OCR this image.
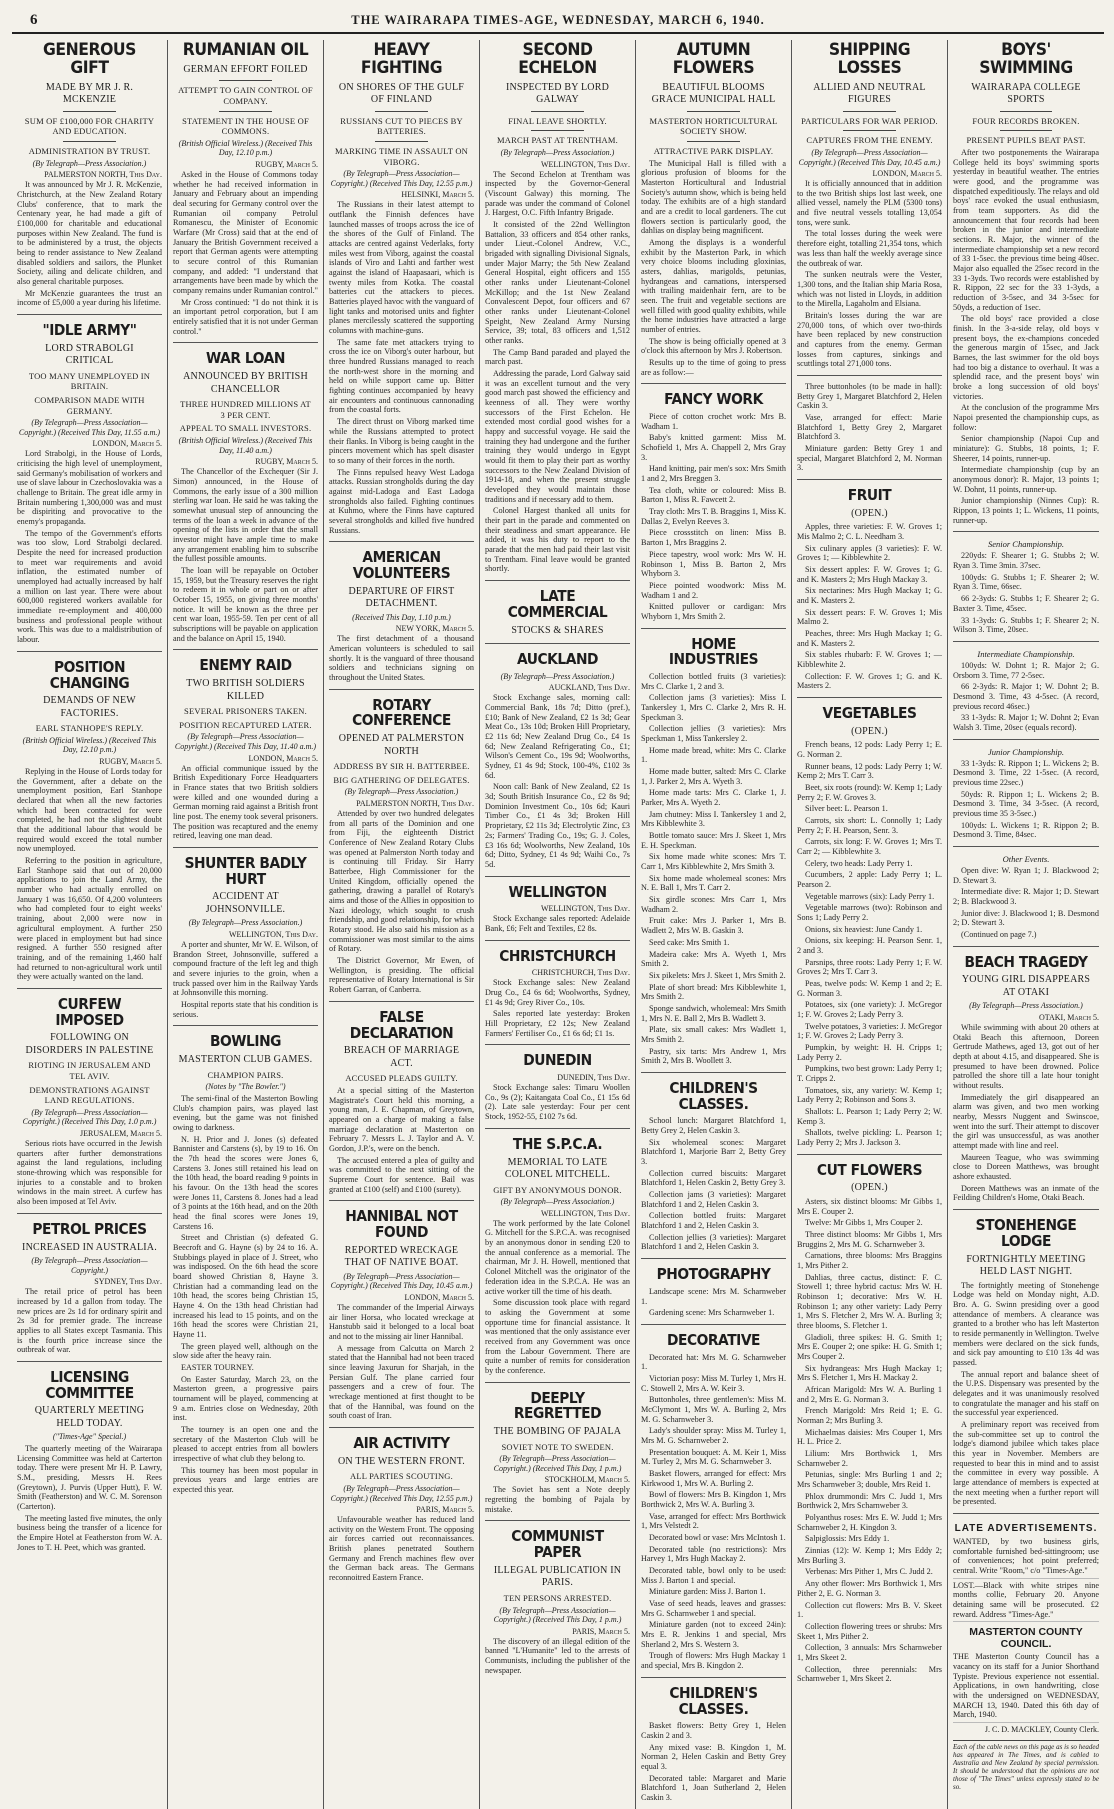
6	THE WAIRARAPA TIMES-AGE, WEDNESDAY, MARCH 6, 1940.
GENEROUS GIFT
MADE BY MR J. R. MCKENZIE
SUM OF £100,000 FOR CHARITY AND EDUCATION.
ADMINISTRATION BY TRUST.
(By Telegraph—Press Association.)
PALMERSTON NORTH, This Day.

It was announced by Mr J. R. McKenzie, Christchurch, at the New Zealand Rotary Clubs' conference, that to mark the Centenary year, he had made a gift of £100,000 for charitable and educational purposes within New Zealand. The fund is to be administered by a trust, the objects being to render assistance to New Zealand disabled soldiers and sailors, the Plunket Society, ailing and delicate children, and also general charitable purposes.

Mr McKenzie guarantees the trust an income of £5,000 a year during his lifetime.

"IDLE ARMY"
LORD STRABOLGI CRITICAL
TOO MANY UNEMPLOYED IN BRITAIN.
COMPARISON MADE WITH GERMANY.
(By Telegraph—Press Association—Copyright.) (Received This Day, 11.55 a.m.)
LONDON, March 5.

Lord Strabolgi, in the House of Lords, criticising the high level of unemployment, said Germany's mobilisation of workers and use of slave labour in Czechoslovakia was a challenge to Britain. The great idle army in Britain numbering 1,300,000 was and must be dispiriting and provocative to the enemy's propaganda.

The tempo of the Government's efforts was too slow, Lord Strabolgi declared. Despite the need for increased production to meet war requirements and avoid inflation, the estimated number of unemployed had actually increased by half a million on last year. There were about 600,000 registered workers available for immediate re-employment and 400,000 business and professional people without work. This was due to a maldistribution of labour.

POSITION CHANGING
DEMANDS OF NEW FACTORIES.
EARL STANHOPE'S REPLY.
(British Official Wireless.) (Received This Day, 12.10 p.m.)
RUGBY, March 5.

Replying in the House of Lords today for the Government, after a debate on the unemployment position, Earl Stanhope declared that when all the new factories which had been contracted for were completed, he had not the slightest doubt that the additional labour that would be required would exceed the total number now unemployed.

Referring to the position in agriculture, Earl Stanhope said that out of 20,000 applications to join the Land Army, the number who had actually enrolled on January 1 was 16,650. Of 4,200 volunteers who had completed four to eight weeks' training, about 2,000 were now in agricultural employment. A further 250 were placed in employment but had since resigned. A further 550 resigned after training, and of the remaining 1,460 half had returned to non-agricultural work until they were actually wanted on the land.

CURFEW IMPOSED
FOLLOWING ON DISORDERS IN PALESTINE
RIOTING IN JERUSALEM AND TEL AVIV.
DEMONSTRATIONS AGAINST LAND REGULATIONS.
(By Telegraph—Press Association—Copyright.) (Received This Day, 1.0 p.m.)
JERUSALEM, March 5.

Serious riots have occurred in the Jewish quarters after further demonstrations against the land regulations, including stone-throwing which was responsible for injuries to a constable and to broken windows in the main street. A curfew has also been imposed at Tel Aviv.

PETROL PRICES
INCREASED IN AUSTRALIA.
(By Telegraph—Press Association—Copyright.)
SYDNEY, This Day.

The retail price of petrol has been increased by 1d a gallon from today. The new prices are 2s 1d for ordinary spirit and 2s 3d for premier grade. The increase applies to all States except Tasmania. This is the fourth price increase since the outbreak of war.

LICENSING COMMITTEE
QUARTERLY MEETING HELD TODAY.
("Times-Age" Special.)

The quarterly meeting of the Wairarapa Licensing Committee was held at Carterton today. There were present Mr H. P. Lawry, S.M., presiding, Messrs H. Rees (Greytown), J. Purvis (Upper Hutt), F. W. Smith (Featherston) and W. C. M. Sorenson (Carterton).

The meeting lasted five minutes, the only business being the transfer of a licence for the Empire Hotel at Featherston from W. A. Jones to T. H. Peet, which was granted.

RUMANIAN OIL
GERMAN EFFORT FOILED
ATTEMPT TO GAIN CONTROL OF COMPANY.
STATEMENT IN THE HOUSE OF COMMONS.
(British Official Wireless.) (Received This Day, 12.10 p.m.)
RUGBY, March 5.

Asked in the House of Commons today whether he had received information in January and February about an impending deal securing for Germany control over the Rumanian oil company Petrolul Romanescu, the Minister of Economic Warfare (Mr Cross) said that at the end of January the British Government received a report that German agents were attempting to secure control of this Rumanian company, and added: "I understand that arrangements have been made by which the company remains under Rumanian control."

Mr Cross continued: "I do not think it is an important petrol corporation, but I am entirely satisfied that it is not under German control."

WAR LOAN
ANNOUNCED BY BRITISH CHANCELLOR
THREE HUNDRED MILLIONS AT 3 PER CENT.
APPEAL TO SMALL INVESTORS.
(British Official Wireless.) (Received This Day, 11.40 a.m.)
RUGBY, March 5.

The Chancellor of the Exchequer (Sir J. Simon) announced, in the House of Commons, the early issue of a 300 million sterling war loan. He said he was taking the somewhat unusual step of announcing the terms of the loan a week in advance of the opening of the lists in order that the small investor might have ample time to make any arrangement enabling him to subscribe the fullest possible amounts.

The loan will be repayable on October 15, 1959, but the Treasury reserves the right to redeem it in whole or part on or after October 15, 1955, on giving three months' notice. It will be known as the three per cent war loan, 1955-59. Ten per cent of all subscriptions will be payable on application and the balance on April 15, 1940.

ENEMY RAID
TWO BRITISH SOLDIERS KILLED
SEVERAL PRISONERS TAKEN.
POSITION RECAPTURED LATER.
(By Telegraph—Press Association—Copyright.) (Received This Day, 11.40 a.m.)
LONDON, March 5.

An official communique issued by the British Expeditionary Force Headquarters in France states that two British soldiers were killed and one wounded during a German morning raid against a British front line post. The enemy took several prisoners. The position was recaptured and the enemy retired, leaving one man dead.

SHUNTER BADLY HURT
ACCIDENT AT JOHNSONVILLE.
(By Telegraph—Press Association.)
WELLINGTON, This Day.

A porter and shunter, Mr W. E. Wilson, of Brandon Street, Johnsonville, suffered a compound fracture of the left leg and thigh and severe injuries to the groin, when a truck passed over him in the Railway Yards at Johnsonville this morning.

Hospital reports state that his condition is serious.

BOWLING
MASTERTON CLUB GAMES.
CHAMPION PAIRS.
(Notes by "The Bowler.")

The semi-final of the Masterton Bowling Club's champion pairs, was played last evening, but the game was not finished owing to darkness.

N. H. Prior and J. Jones (s) defeated Bannister and Carstens (s), by 19 to 16. On the 7th head the scores were Jones 6, Carstens 3. Jones still retained his lead on the 10th head, the board reading 9 points in his favour. On the 13th head the scores were Jones 11, Carstens 8. Jones had a lead of 3 points at the 16th head, and on the 20th head the final scores were Jones 19, Carstens 16.

Street and Christian (s) defeated G. Beecroft and G. Hayne (s) by 24 to 16. A. Stubbings played in place of J. Street, who was indisposed. On the 6th head the score board showed Christian 8, Hayne 3. Christian had a commanding lead on the 10th head, the scores being Christian 15, Hayne 4. On the 13th head Christian had increased his lead to 15 points, and on the 16th head the scores were Christian 21, Hayne 11.

The green played well, although on the slow side after the heavy rain.

EASTER TOURNEY.

On Easter Saturday, March 23, on the Masterton green, a progressive pairs tournament will be played, commencing at 9 a.m. Entries close on Wednesday, 20th inst.

The tourney is an open one and the secretary of the Masterton Club will be pleased to accept entries from all bowlers irrespective of what club they belong to.

This tourney has been most popular in previous years and large entries are expected this year.

HEAVY FIGHTING
ON SHORES OF THE GULF OF FINLAND
RUSSIANS CUT TO PIECES BY BATTERIES.
MARKING TIME IN ASSAULT ON VIBORG.
(By Telegraph—Press Association—Copyright.) (Received This Day, 12.55 p.m.)
HELSINKI, March 5.

The Russians in their latest attempt to outflank the Finnish defences have launched masses of troops across the ice of the shores of the Gulf of Finland. The attacks are centred against Vederlaks, forty miles west from Viborg, against the coastal islands of Viro and Lahti and farther west against the island of Haapasaari, which is twenty miles from Kotka. The coastal batteries cut the attackers to pieces. Batteries played havoc with the vanguard of light tanks and motorised units and fighter planes mercilessly scattered the supporting columns with machine-guns.

The same fate met attackers trying to cross the ice on Viborg's outer harbour, but three hundred Russians managed to reach the north-west shore in the morning and held on while support came up. Bitter fighting continues accompanied by heavy air encounters and continuous cannonading from the coastal forts.

The direct thrust on Viborg marked time while the Russians attempted to protect their flanks. In Viborg is being caught in the pincers movement which has spelt disaster to so many of their forces in the north.

The Finns repulsed heavy West Ladoga attacks. Russian strongholds during the day against mid-Ladoga and East Ladoga strongholds also failed. Fighting continues at Kuhmo, where the Finns have captured several strongholds and killed five hundred Russians.

AMERICAN VOLUNTEERS
DEPARTURE OF FIRST DETACHMENT.
(Received This Day, 1.10 p.m.)
NEW YORK, March 5.

The first detachment of a thousand American volunteers is scheduled to sail shortly. It is the vanguard of three thousand soldiers and technicians signing on throughout the United States.

ROTARY CONFERENCE
OPENED AT PALMERSTON NORTH
ADDRESS BY SIR H. BATTERBEE.
BIG GATHERING OF DELEGATES.
(By Telegraph—Press Association.)
PALMERSTON NORTH, This Day.

Attended by over two hundred delegates from all parts of the Dominion and one from Fiji, the eighteenth District Conference of New Zealand Rotary Clubs was opened at Palmerston North today and is continuing till Friday. Sir Harry Batterbee, High Commissioner for the United Kingdom, officially opened the gathering, drawing a parallel of Rotary's aims and those of the Allies in opposition to Nazi ideology, which sought to crush friendship, and good relationship, for which Rotary stood. He also said his mission as a commissioner was most similar to the aims of Rotary.

The District Governor, Mr Ewen, of Wellington, is presiding. The official representative of Rotary International is Sir Robert Garran, of Canberra.

FALSE DECLARATION
BREACH OF MARRIAGE ACT.
ACCUSED PLEADS GUILTY.

At a special sitting of the Masterton Magistrate's Court held this morning, a young man, J. E. Chapman, of Greytown, appeared on a charge of making a false marriage declaration at Masterton on February 7. Messrs L. J. Taylor and A. V. Gordon, J.P.'s, were on the bench.

The accused entered a plea of guilty and was committed to the next sitting of the Supreme Court for sentence. Bail was granted at £100 (self) and £100 (surety).

HANNIBAL NOT FOUND
REPORTED WRECKAGE THAT OF NATIVE BOAT.
(By Telegraph—Press Association—Copyright.) (Received This Day, 10.45 a.m.)
LONDON, March 5.

The commander of the Imperial Airways air liner Horsa, who located wreckage at Hanstubb said it belonged to a local boat and not to the missing air liner Hannibal.

A message from Calcutta on March 2 stated that the Hannibal had not been traced since leaving Jaxurun for Sharjah, in the Persian Gulf. The plane carried four passengers and a crew of four. The wreckage mentioned at first thought to be that of the Hannibal, was found on the south coast of Iran.

AIR ACTIVITY
ON THE WESTERN FRONT.
ALL PARTIES SCOUTING.
(By Telegraph—Press Association—Copyright.) (Received This Day, 12.55 p.m.)
PARIS, March 5.

Unfavourable weather has reduced land activity on the Western Front. The opposing air forces carried out reconnaissances. British planes penetrated Southern Germany and French machines flew over the German back areas. The Germans reconnoitred Eastern France.

SECOND ECHELON
INSPECTED BY LORD GALWAY
FINAL LEAVE SHORTLY.
MARCH PAST AT TRENTHAM.
(By Telegraph—Press Association.)
WELLINGTON, This Day.

The Second Echelon at Trentham was inspected by the Governor-General (Viscount Galway) this morning. The parade was under the command of Colonel J. Hargest, O.C. Fifth Infantry Brigade.

It consisted of the 22nd Wellington Battalion, 33 officers and 854 other ranks, under Lieut.-Colonel Andrew, V.C., brigaded with signalling Divisional Signals, under Major Marry; the 5th New Zealand General Hospital, eight officers and 155 other ranks under Lieutenant-Colonel McKillop; and the 1st New Zealand Convalescent Depot, four officers and 67 other ranks under Lieutenant-Colonel Speight, New Zealand Army Nursing Service, 39; total, 83 officers and 1,512 other ranks.

The Camp Band paraded and played the march past.

Addressing the parade, Lord Galway said it was an excellent turnout and the very good march past showed the efficiency and keenness of all. They were worthy successors of the First Echelon. He extended most cordial good wishes for a happy and successful voyage. He said the training they had undergone and the further training they would undergo in Egypt would fit them to play their part as worthy successors to the New Zealand Division of 1914-18, and when the present struggle developed they would maintain those traditions and if necessary add to them.

Colonel Hargest thanked all units for their part in the parade and commented on their steadiness and smart appearance. He added, it was his duty to report to the parade that the men had paid their last visit to Trentham. Final leave would be granted shortly.

LATE COMMERCIAL
STOCKS & SHARES
AUCKLAND
(By Telegraph—Press Association.)
AUCKLAND, This Day.

Stock Exchange sales, morning call: Commercial Bank, 18s 7d; Ditto (pref.), £10; Bank of New Zealand, £2 1s 3d; Gear Meat Co., 13s 10d; Broken Hill Proprietary, £2 11s 6d; New Zealand Drug Co., £4 1s 6d; New Zealand Refrigerating Co., £1; Wilson's Cement Co., 19s 9d; Woolworths, Sydney, £1 4s 9d; Stock, 100-4%, £102 3s 6d.

Noon call: Bank of New Zealand, £2 1s 3d; South British Insurance Co., £2 8s 9d; Dominion Investment Co., 10s 6d; Kauri Timber Co., £1 4s 3d; Broken Hill Proprietary, £2 11s 3d; Electrolytic Zinc, £3 2s; Farmers' Trading Co., 19s; G. J. Coles, £3 16s 6d; Woolworths, New Zealand, 10s 6d; Ditto, Sydney, £1 4s 9d; Waihi Co., 7s 5d.

WELLINGTON
WELLINGTON, This Day.

Stock Exchange sales reported: Adelaide Bank, £6; Felt and Textiles, £2 8s.

CHRISTCHURCH
CHRISTCHURCH, This Day.

Stock Exchange sales: New Zealand Drug Co., £4 6s 6d; Woolworths, Sydney, £1 4s 9d; Grey River Co., 10s.

Sales reported late yesterday: Broken Hill Proprietary, £2 12s; New Zealand Farmers' Fertiliser Co., £1 6s 6d; £1 1s.

DUNEDIN
DUNEDIN, This Day.

Stock Exchange sales: Timaru Woollen Co., 9s (2); Kaitangata Coal Co., £1 15s 6d (2). Late sale yesterday: Four per cent Stock, 1952-55, £102 7s 6d.

THE S.P.C.A.
MEMORIAL TO LATE COLONEL MITCHELL.
GIFT BY ANONYMOUS DONOR.
(By Telegraph—Press Association.)
WELLINGTON, This Day.

The work performed by the late Colonel G. Mitchell for the S.P.C.A. was recognised by an anonymous donor in sending £20 to the annual conference as a memorial. The chairman, Mr J. H. Howell, mentioned that Colonel Mitchell was the originator of the federation idea in the S.P.C.A. He was an active worker till the time of his death.

Some discussion took place with regard to asking the Government at some opportune time for financial assistance. It was mentioned that the only assistance ever received from any Government was once from the Labour Government. There are quite a number of remits for consideration by the conference.

DEEPLY REGRETTED
THE BOMBING OF PAJALA
SOVIET NOTE TO SWEDEN.
(By Telegraph—Press Association—Copyright.) (Received This Day, 1 p.m.)
STOCKHOLM, March 5.

The Soviet has sent a Note deeply regretting the bombing of Pajala by mistake.

COMMUNIST PAPER
ILLEGAL PUBLICATION IN PARIS.
TEN PERSONS ARRESTED.
(By Telegraph—Press Association—Copyright.) (Received This Day, 1 p.m.)
PARIS, March 5.

The discovery of an illegal edition of the banned "L'Humanite" led to the arrests of Communists, including the publisher of the newspaper.

AUTUMN FLOWERS
BEAUTIFUL BLOOMS GRACE MUNICIPAL HALL
MASTERTON HORTICULTURAL SOCIETY SHOW.
ATTRACTIVE PARK DISPLAY.

The Municipal Hall is filled with a glorious profusion of blooms for the Masterton Horticultural and Industrial Society's autumn show, which is being held today. The exhibits are of a high standard and are a credit to local gardeners. The cut flowers section is particularly good, the dahlias on display being magnificent.

Among the displays is a wonderful exhibit by the Masterton Park, in which very choice blooms including gloxinias, asters, dahlias, marigolds, petunias, hydrangeas and carnations, interspersed with trailing maidenhair fern, are to be seen. The fruit and vegetable sections are well filled with good quality exhibits, while the home industries have attracted a large number of entries.

The show is being officially opened at 3 o'clock this afternoon by Mrs J. Robertson.

Results up to the time of going to press are as follow:—

FANCY WORK

Piece of cotton crochet work: Mrs B. Wadham 1.

Baby's knitted garment: Miss M. Schofield 1, Mrs A. Chappell 2, Mrs Gray 3.

Hand knitting, pair men's sox: Mrs Smith 1 and 2, Mrs Breggen 3.

Tea cloth, white or coloured: Miss B. Barton 1, Miss R. Fawcett 2.

Tray cloth: Mrs T. B. Braggins 1, Miss K. Dallas 2, Evelyn Reeves 3.

Piece crossstitch on linen: Miss B. Barton 1, Mrs Braggins 2.

Piece tapestry, wool work: Mrs W. H. Robinson 1, Miss B. Barton 2, Mrs Whyborn 3.

Piece pointed woodwork: Miss M. Wadham 1 and 2.

Knitted pullover or cardigan: Mrs Whyborn 1, Mrs Smith 2.

HOME INDUSTRIES

Collection bottled fruits (3 varieties): Mrs C. Clarke 1, 2 and 3.

Collection jams (3 varieties): Miss I. Tankersley 1, Mrs C. Clarke 2, Mrs R. H. Speckman 3.

Collection jellies (3 varieties): Mrs Speckman 1, Miss Tankersley 2.

Home made bread, white: Mrs C. Clarke 1.

Home made butter, salted: Mrs C. Clarke 1, J. Parker 2, Mrs A. Wyeth 3.

Home made tarts: Mrs C. Clarke 1, J. Parker, Mrs A. Wyeth 2.

Jam chutney: Miss I. Tankersley 1 and 2, Mrs Kibblewhite 3.

Bottle tomato sauce: Mrs J. Skeet 1, Mrs E. H. Speckman.

Six home made white scones: Mrs T. Carr 1, Mrs Kibblewhite 2, Mrs Smith 3.

Six home made wholemeal scones: Mrs N. E. Ball 1, Mrs T. Carr 2.

Six girdle scones: Mrs Carr 1, Mrs Wadham 2.

Fruit cake: Mrs J. Parker 1, Mrs B. Wadlett 2, Mrs W. B. Gaskin 3.

Seed cake: Mrs Smith 1.

Madeira cake: Mrs A. Wyeth 1, Mrs Smith 2.

Six pikelets: Mrs J. Skeet 1, Mrs Smith 2.

Plate of short bread: Mrs Kibblewhite 1, Mrs Smith 2.

Sponge sandwich, wholemeal: Mrs Smith 1, Mrs N. E. Ball 2, Mrs B. Wadlett 3.

Plate, six small cakes: Mrs Wadlett 1, Mrs Smith 2.

Pastry, six tarts: Mrs Andrew 1, Mrs Smith 2, Mrs B. Woollett 3.

CHILDREN'S CLASSES.

School lunch: Margaret Blatchford 1, Betty Grey 2, Helen Caskin 3.

Six wholemeal scones: Margaret Blatchford 1, Marjorie Barr 2, Betty Grey 3.

Collection curred biscuits: Margaret Blatchford 1, Helen Caskin 2, Betty Grey 3.

Collection jams (3 varieties): Margaret Blatchford 1 and 2, Helen Caskin 3.

Collection bottled fruits: Margaret Blatchford 1 and 2, Helen Caskin 3.

Collection jellies (3 varieties): Margaret Blatchford 1 and 2, Helen Caskin 3.

PHOTOGRAPHY

Landscape scene: Mrs M. Scharnweber 1.

Gardening scene: Mrs Scharnweber 1.

DECORATIVE

Decorated hat: Mrs M. G. Scharnweber 1.

Victorian posy: Miss M. Turley 1, Mrs H. C. Stowell 2, Mrs A. W. Keir 3.

Buttonholes, three gentlemen's: Miss M. McClymont 1, Mrs W. A. Burling 2, Mrs M. G. Scharnweber 3.

Lady's shoulder spray: Miss M. Turley 1, Mrs M. G. Scharnweber 2.

Presentation bouquet: A. M. Keir 1, Miss M. Turley 2, Mrs M. G. Scharnweber 3.

Basket flowers, arranged for effect: Mrs Kirkwood 1, Mrs W. A. Burling 2.

Bowl of flowers: Mrs B. Kingdon 1, Mrs Borthwick 2, Mrs W. A. Burling 3.

Vase, arranged for effect: Mrs Borthwick 1, Mrs Velstedt 2.

Decorated bowl or vase: Mrs McIntosh 1.

Decorated table (no restrictions): Mrs Harvey 1, Mrs Hugh Mackay 2.

Decorated table, bowl only to be used: Miss J. Barton 1 and special.

Miniature garden: Miss J. Barton 1.

Vase of seed heads, leaves and grasses: Mrs G. Scharnweber 1 and special.

Miniature garden (not to exceed 24in): Mrs E. R. Jenkins 1 and special, Mrs Sherland 2, Mrs S. Western 3.

Trough of flowers: Mrs Hugh Mackay 1 and special, Mrs B. Kingdon 2.

CHILDREN'S CLASSES.

Basket flowers: Betty Grey 1, Helen Caskin 2 and 3.

Any mixed vase: B. Kingdon 1, M. Norman 2, Helen Caskin and Betty Grey equal 3.

Decorated table: Margaret and Marie Blatchford 1, Joan Sutherland 2, Helen Caskin 3.

SHIPPING LOSSES
ALLIED AND NEUTRAL FIGURES
PARTICULARS FOR WAR PERIOD.
CAPTURES FROM THE ENEMY.
(By Telegraph—Press Association—Copyright.) (Received This Day, 10.45 a.m.)
LONDON, March 5.

It is officially announced that in addition to the two British ships lost last week, one allied vessel, namely the PLM (5300 tons) and five neutral vessels totalling 13,054 tons, were sunk.

The total losses during the week were therefore eight, totalling 21,354 tons, which was less than half the weekly average since the outbreak of war.

The sunken neutrals were the Vester, 1,300 tons, and the Italian ship Maria Rosa, which was not listed in Lloyds, in addition to the Mirella, Lagaholm and Elsiana.

Britain's losses during the war are 270,000 tons, of which over two-thirds have been replaced by new construction and captures from the enemy. German losses from captures, sinkings and scuttlings total 271,000 tons.

Three buttonholes (to be made in hall): Betty Grey 1, Margaret Blatchford 2, Helen Caskin 3.

Vase, arranged for effect: Marie Blatchford 1, Betty Grey 2, Margaret Blatchford 3.

Miniature garden: Betty Grey 1 and special, Margaret Blatchford 2, M. Norman 3.

FRUIT
(OPEN.)

Apples, three varieties: F. W. Groves 1; Mis Malmo 2; C. L. Needham 3.

Six culinary apples (3 varieties): F. W. Groves 1; — Kibblewhite 2.

Six dessert apples: F. W. Groves 1; G. and K. Masters 2; Mrs Hugh Mackay 3.

Six nectarines: Mrs Hugh Mackay 1; G. and K. Masters 2.

Six dessert pears: F. W. Groves 1; Mis Malmo 2.

Peaches, three: Mrs Hugh Mackay 1; G. and K. Masters 2.

Six stables rhubarb: F. W. Groves 1; — Kibblewhite 2.

Collection: F. W. Groves 1; G. and K. Masters 2.

VEGETABLES
(OPEN.)

French beans, 12 pods: Lady Perry 1; E. G. Norman 2.

Runner beans, 12 pods: Lady Perry 1; W. Kemp 2; Mrs T. Carr 3.

Beet, six roots (round): W. Kemp 1; Lady Perry 2; F. W. Groves 3.

Silver beet: L. Pearson 1.

Carrots, six short: L. Connolly 1; Lady Perry 2; F. H. Pearson, Senr. 3.

Carrots, six long: F. W. Groves 1; Mrs T. Carr 2; — Kibblewhite 3.

Celery, two heads: Lady Perry 1.

Cucumbers, 2 apple: Lady Perry 1; L. Pearson 2.

Vegetable marrows (six): Lady Perry 1.

Vegetable marrows (two): Robinson and Sons 1; Lady Perry 2.

Onions, six heaviest: June Candy 1.

Onions, six keeping: H. Pearson Senr. 1, 2 and 3.

Parsnips, three roots: Lady Perry 1; F. W. Groves 2; Mrs T. Carr 3.

Peas, twelve pods: W. Kemp 1 and 2; E. G. Norman 3.

Potatoes, six (one variety): J. McGregor 1; F. W. Groves 2; Lady Perry 3.

Twelve potatoes, 3 varieties: J. McGregor 1; F. W. Groves 2; Lady Perry 3.

Pumpkin, by weight: H. H. Cripps 1; Lady Perry 2.

Pumpkins, two best grown: Lady Perry 1; T. Cripps 2.

Tomatoes, six, any variety: W. Kemp 1; Lady Perry 2; Robinson and Sons 3.

Shallots: L. Pearson 1; Lady Perry 2; W. Kemp 3.

Shallots, twelve pickling: L. Pearson 1; Lady Perry 2; Mrs J. Jackson 3.

CUT FLOWERS
(OPEN.)

Asters, six distinct blooms: Mr Gibbs 1, Mrs E. Couper 2.

Twelve: Mr Gibbs 1, Mrs Couper 2.

Three distinct blooms: Mr Gibbs 1, Mrs Bruggins 2, Mrs M. G. Scharnweber 3.

Carnations, three blooms: Mrs Braggins 1, Mrs Pither 2.

Dahlias, three cactus, distinct: F. C. Stowell 1; three hybrid cactus: Mrs W. H. Robinson 1; decorative: Mrs W. H. Robinson 1; any other variety: Lady Perry 1, Mrs S. Fletcher 2, Mrs W. A. Burling 3; three blooms, S. Fletcher 1.

Gladioli, three spikes: H. G. Smith 1; Mrs E. Couper 2; one spike: H. G. Smith 1; Mrs Couper 2.

Six hydrangeas: Mrs Hugh Mackay 1; Mrs S. Fletcher 1, Mrs H. Mackay 2.

African Marigold: Mrs W. A. Burling 1 and 2, Mrs E. G. Norman 3.

French Marigold: Mrs Reid 1; E. G. Norman 2; Mrs Burling 3.

Michaelmas daisies: Mrs Couper 1, Mrs H. L. Price 2.

Lilium: Mrs Borthwick 1, Mrs Scharnweber 2.

Petunias, single: Mrs Burling 1 and 2; Mrs Scharnweber 3; double, Mrs Reid 1.

Phlox drummondi: Mrs C. Judd 1, Mrs Borthwick 2, Mrs Scharnweber 3.

Polyanthus roses: Mrs E. W. Judd 1; Mrs Scharnweber 2, H. Kingdon 3.

Salpiglossis: Mrs Eddy 1.

Zinnias (12): W. Kemp 1; Mrs Eddy 2; Mrs Burling 3.

Verbenas: Mrs Pither 1, Mrs C. Judd 2.

Any other flower: Mrs Borthwick 1, Mrs Pither 2, E. G. Norman 3.

Collection cut flowers: Mrs B. V. Skeet 1.

Collection flowering trees or shrubs: Mrs Skeet 1, Mrs Pither 2.

Collection, 3 annuals: Mrs Scharnweber 1, Mrs Skeet 2.

Collection, three perennials: Mrs Scharnweber 1, Mrs Skeet 2.

BOYS' SWIMMING
WAIRARAPA COLLEGE SPORTS
FOUR RECORDS BROKEN.
PRESENT PUPILS BEAT PAST.

After two postponements the Wairarapa College held its boys' swimming sports yesterday in beautiful weather. The entries were good, and the programme was dispatched expeditiously. The relays and old boys' race evoked the usual enthusiasm, from team supporters. As did the announcement that four records had been broken in the junior and intermediate sections. R. Major, the winner of the intermediate championship set a new record of 33 1-5sec. the previous time being 40sec. Major also equalled the 25sec record in the 33 1-3yds. Two records were established by R. Rippon, 22 sec for the 33 1-3yds, a reduction of 3-5sec, and 34 3-5sec for 50yds, a reduction of 1sec.

The old boys' race provided a close finish. In the 3-a-side relay, old boys v present boys, the ex-champions conceded the generous margin of 15sec, and Jack Barnes, the last swimmer for the old boys had too big a distance to overhaul. It was a splendid race, and the present boys' win broke a long succession of old boys' victories.

At the conclusion of the programme Mrs Napoi presented the championship cups, as follow:

Senior championship (Napoi Cup and miniature): G. Stubbs, 18 points, 1; F. Sheerer, 14 points, runner-up.

Intermediate championship (cup by an anonymous donor): R. Major, 13 points 1; W. Dohnt, 11 points, runner-up.

Junior championship (Ninnes Cup): R. Rippon, 13 points 1; L. Wickens, 11 points, runner-up.

Senior Championship.

220yds: F. Shearer 1; G. Stubbs 2; W. Ryan 3. Time 3min. 37sec.

100yds: G. Stubbs 1; F. Shearer 2; W. Ryan 3. Time, 66sec.

66 2-3yds: G. Stubbs 1; F. Shearer 2; G. Baxter 3. Time, 45sec.

33 1-3yds: G. Stubbs 1; F. Shearer 2; N. Wilson 3. Time, 20sec.

Intermediate Championship.

100yds: W. Dohnt 1; R. Major 2; G. Orsborn 3. Time, 77 2-5sec.

66 2-3yds: R. Major 1; W. Dohnt 2; B. Desmond 3. Time, 43 4-5sec. (A record, previous record 46sec.)

33 1-3yds: R. Major 1; W. Dohnt 2; Evan Walsh 3. Time, 20sec (equals record).

Junior Championship.

33 1-3yds: R. Rippon 1; L. Wickens 2; B. Desmond 3. Time, 22 1-5sec. (A record, previous time 22sec.)

50yds: R. Rippon 1; L. Wickens 2; B. Desmond 3. Time, 34 3-5sec. (A record, previous time 35 3-5sec.)

100yds: L. Wickens 1; R. Rippon 2; B. Desmond 3. Time, 84sec.

Other Events.

Open dive: W. Ryan 1; J. Blackwood 2; D. Stewart 3.

Intermediate dive: R. Major 1; D. Stewart 2; B. Blackwood 3.

Junior dive: J. Blackwood 1; B. Desmond 2; D. Stewart 3.

(Continued on page 7.)

BEACH TRAGEDY
YOUNG GIRL DISAPPEARS AT OTAKI
(By Telegraph—Press Association.)
OTAKI, March 5.

While swimming with about 20 others at Otaki Beach this afternoon, Doreen Gertrude Mathews, aged 13, got out of her depth at about 4.15, and disappeared. She is presumed to have been drowned. Police patrolled the shore till a late hour tonight without results.

Immediately the girl disappeared an alarm was given, and two men working nearby, Messrs Nuggent and Swinscoe, went into the surf. Their attempt to discover the girl was unsuccessful, as was another attempt made with line and reel.

Maureen Teague, who was swimming close to Doreen Matthews, was brought ashore exhausted.

Doreen Matthews was an inmate of the Feilding Children's Home, Otaki Beach.

STONEHENGE LODGE
FORTNIGHTLY MEETING HELD LAST NIGHT.

The fortnightly meeting of Stonehenge Lodge was held on Monday night, A.D. Bro. A. G. Swinn presiding over a good attendance of members. A clearance was granted to a brother who has left Masterton to reside permanently in Wellington. Twelve members were declared on the sick funds, and sick pay amounting to £10 13s 4d was passed.

The annual report and balance sheet of the U.P.S. Dispensary was presented by the delegates and it was unanimously resolved to congratulate the manager and his staff on the successful year experienced.

A preliminary report was received from the sub-committee set up to control the lodge's diamond jubilee which takes place this year in November. Members are requested to bear this in mind and to assist the committee in every way possible. A large attendance of members is expected at the next meeting when a further report will be presented.

LATE ADVERTISEMENTS.
WANTED, by two business girls, comfortable furnished bed-sittingroom; use of conveniences; hot point preferred; central. Write "Room," c/o "Times-Age."
LOST.—Black with white stripes nine months collie, February 20. Anyone detaining same will be prosecuted. £2 reward. Address "Times-Age."
MASTERTON COUNTY COUNCIL.
THE Masterton County Council has a vacancy on its staff for a Junior Shorthand Typiste. Previous experience not essential. Applications, in own handwriting, close with the undersigned on WEDNESDAY, MARCH 13, 1940. Dated this 6th day of March, 1940.
J. C. D. MACKLEY, County Clerk.
Each of the cable news on this page as is so headed has appeared in The Times, and is cabled to Australia and New Zealand by special permission. It should be understood that the opinions are not those of "The Times" unless expressly stated to be so.
